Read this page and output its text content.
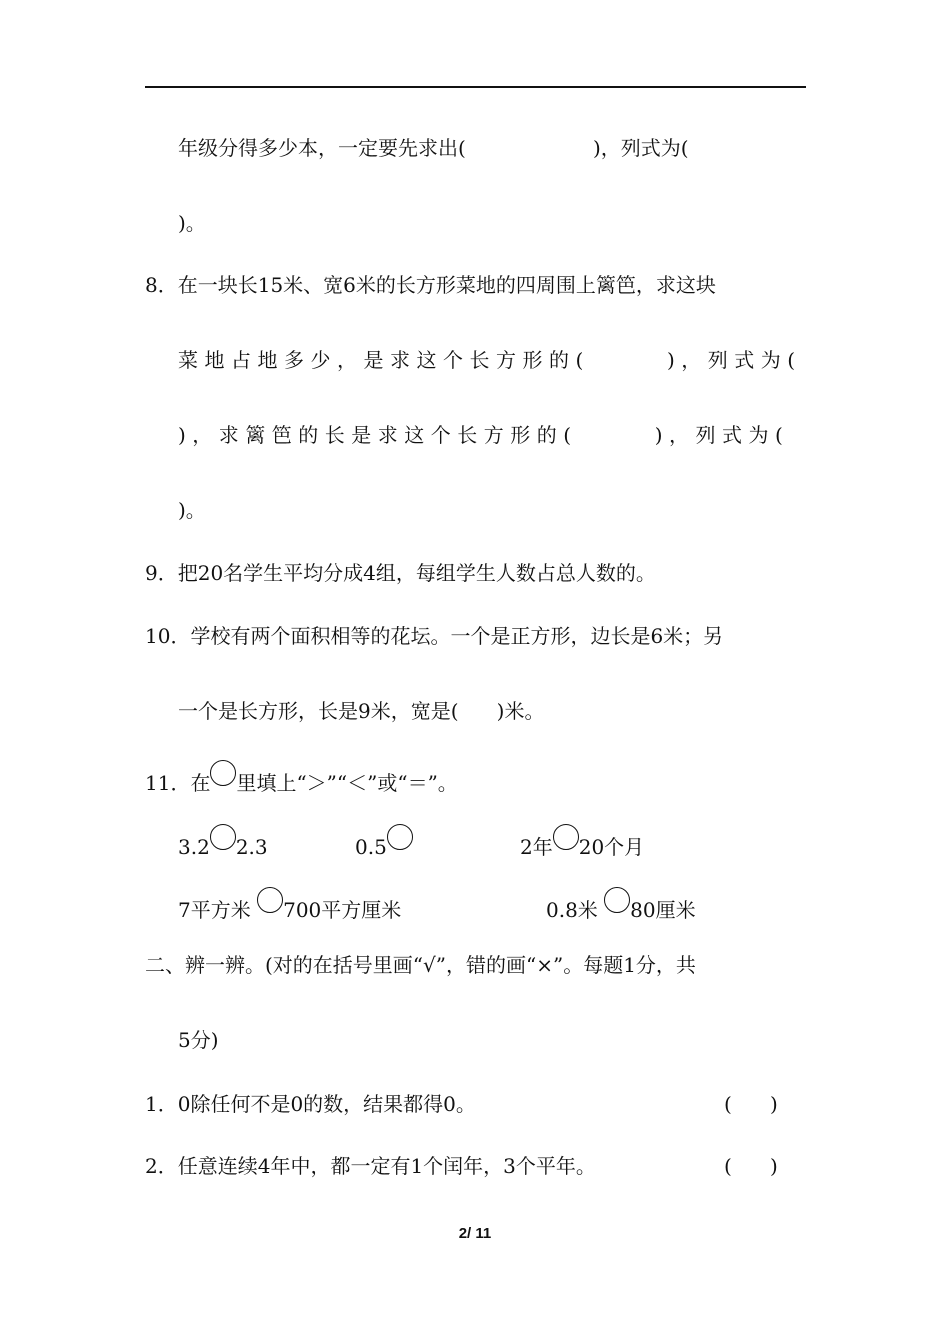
年级分得多少本，一定要先求出(                    )，列式为(
)。
8．在一块长15米、宽6米的长方形菜地的四周围上篱笆，求这块
菜地占地多少，是求这个长方形的(      )，列式为(
)，求篱笆的长是求这个长方形的(      )，列式为(
)。
9．把20名学生平均分成4组，每组学生人数占总人数的。
10．学校有两个面积相等的花坛。一个是正方形，边长是6米；另
一个是长方形，长是9米，宽是(      )米。
11．在 里填上“＞”“＜”或“＝”。
3.2 2.3	0.5	2年 20个月
7平方米 700平方厘米	0.8米 80厘米
二、辨一辨。(对的在括号里画“√”，错的画“×”。每题1分，共
5分)
1．0除任何不是0的数，结果都得0。	(      )
2．任意连续4年中，都一定有1个闰年，3个平年。	(      )
2/ 11
